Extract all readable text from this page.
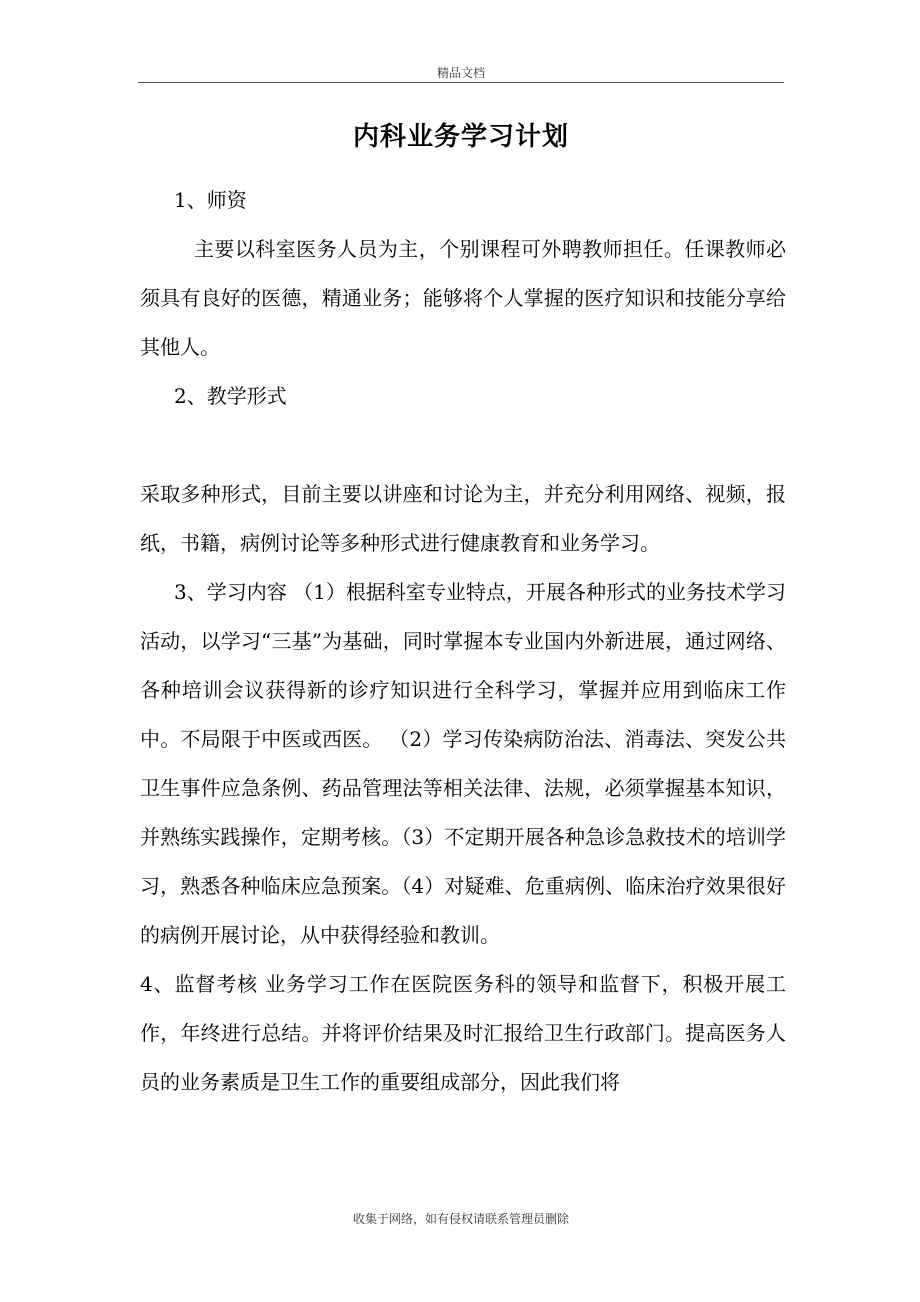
精品文档
内科业务学习计划

1、师资

主要以科室医务人员为主，个别课程可外聘教师担任。任课教师必须具有良好的医德，精通业务；能够将个人掌握的医疗知识和技能分享给其他人。

2、教学形式

采取多种形式，目前主要以讲座和讨论为主，并充分利用网络、视频，报纸，书籍，病例讨论等多种形式进行健康教育和业务学习。

3、学习内容 （1）根据科室专业特点，开展各种形式的业务技术学习活动，以学习“三基”为基础，同时掌握本专业国内外新进展，通过网络、各种培训会议获得新的诊疗知识进行全科学习，掌握并应用到临床工作中。不局限于中医或西医。 （2）学习传染病防治法、消毒法、突发公共卫生事件应急条例、药品管理法等相关法律、法规，必须掌握基本知识，并熟练实践操作，定期考核。（3）不定期开展各种急诊急救技术的培训学习，熟悉各种临床应急预案。（4）对疑难、危重病例、临床治疗效果很好的病例开展讨论，从中获得经验和教训。

4、监督考核 业务学习工作在医院医务科的领导和监督下，积极开展工作，年终进行总结。并将评价结果及时汇报给卫生行政部门。提高医务人员的业务素质是卫生工作的重要组成部分，因此我们将

收集于网络，如有侵权请联系管理员删除
